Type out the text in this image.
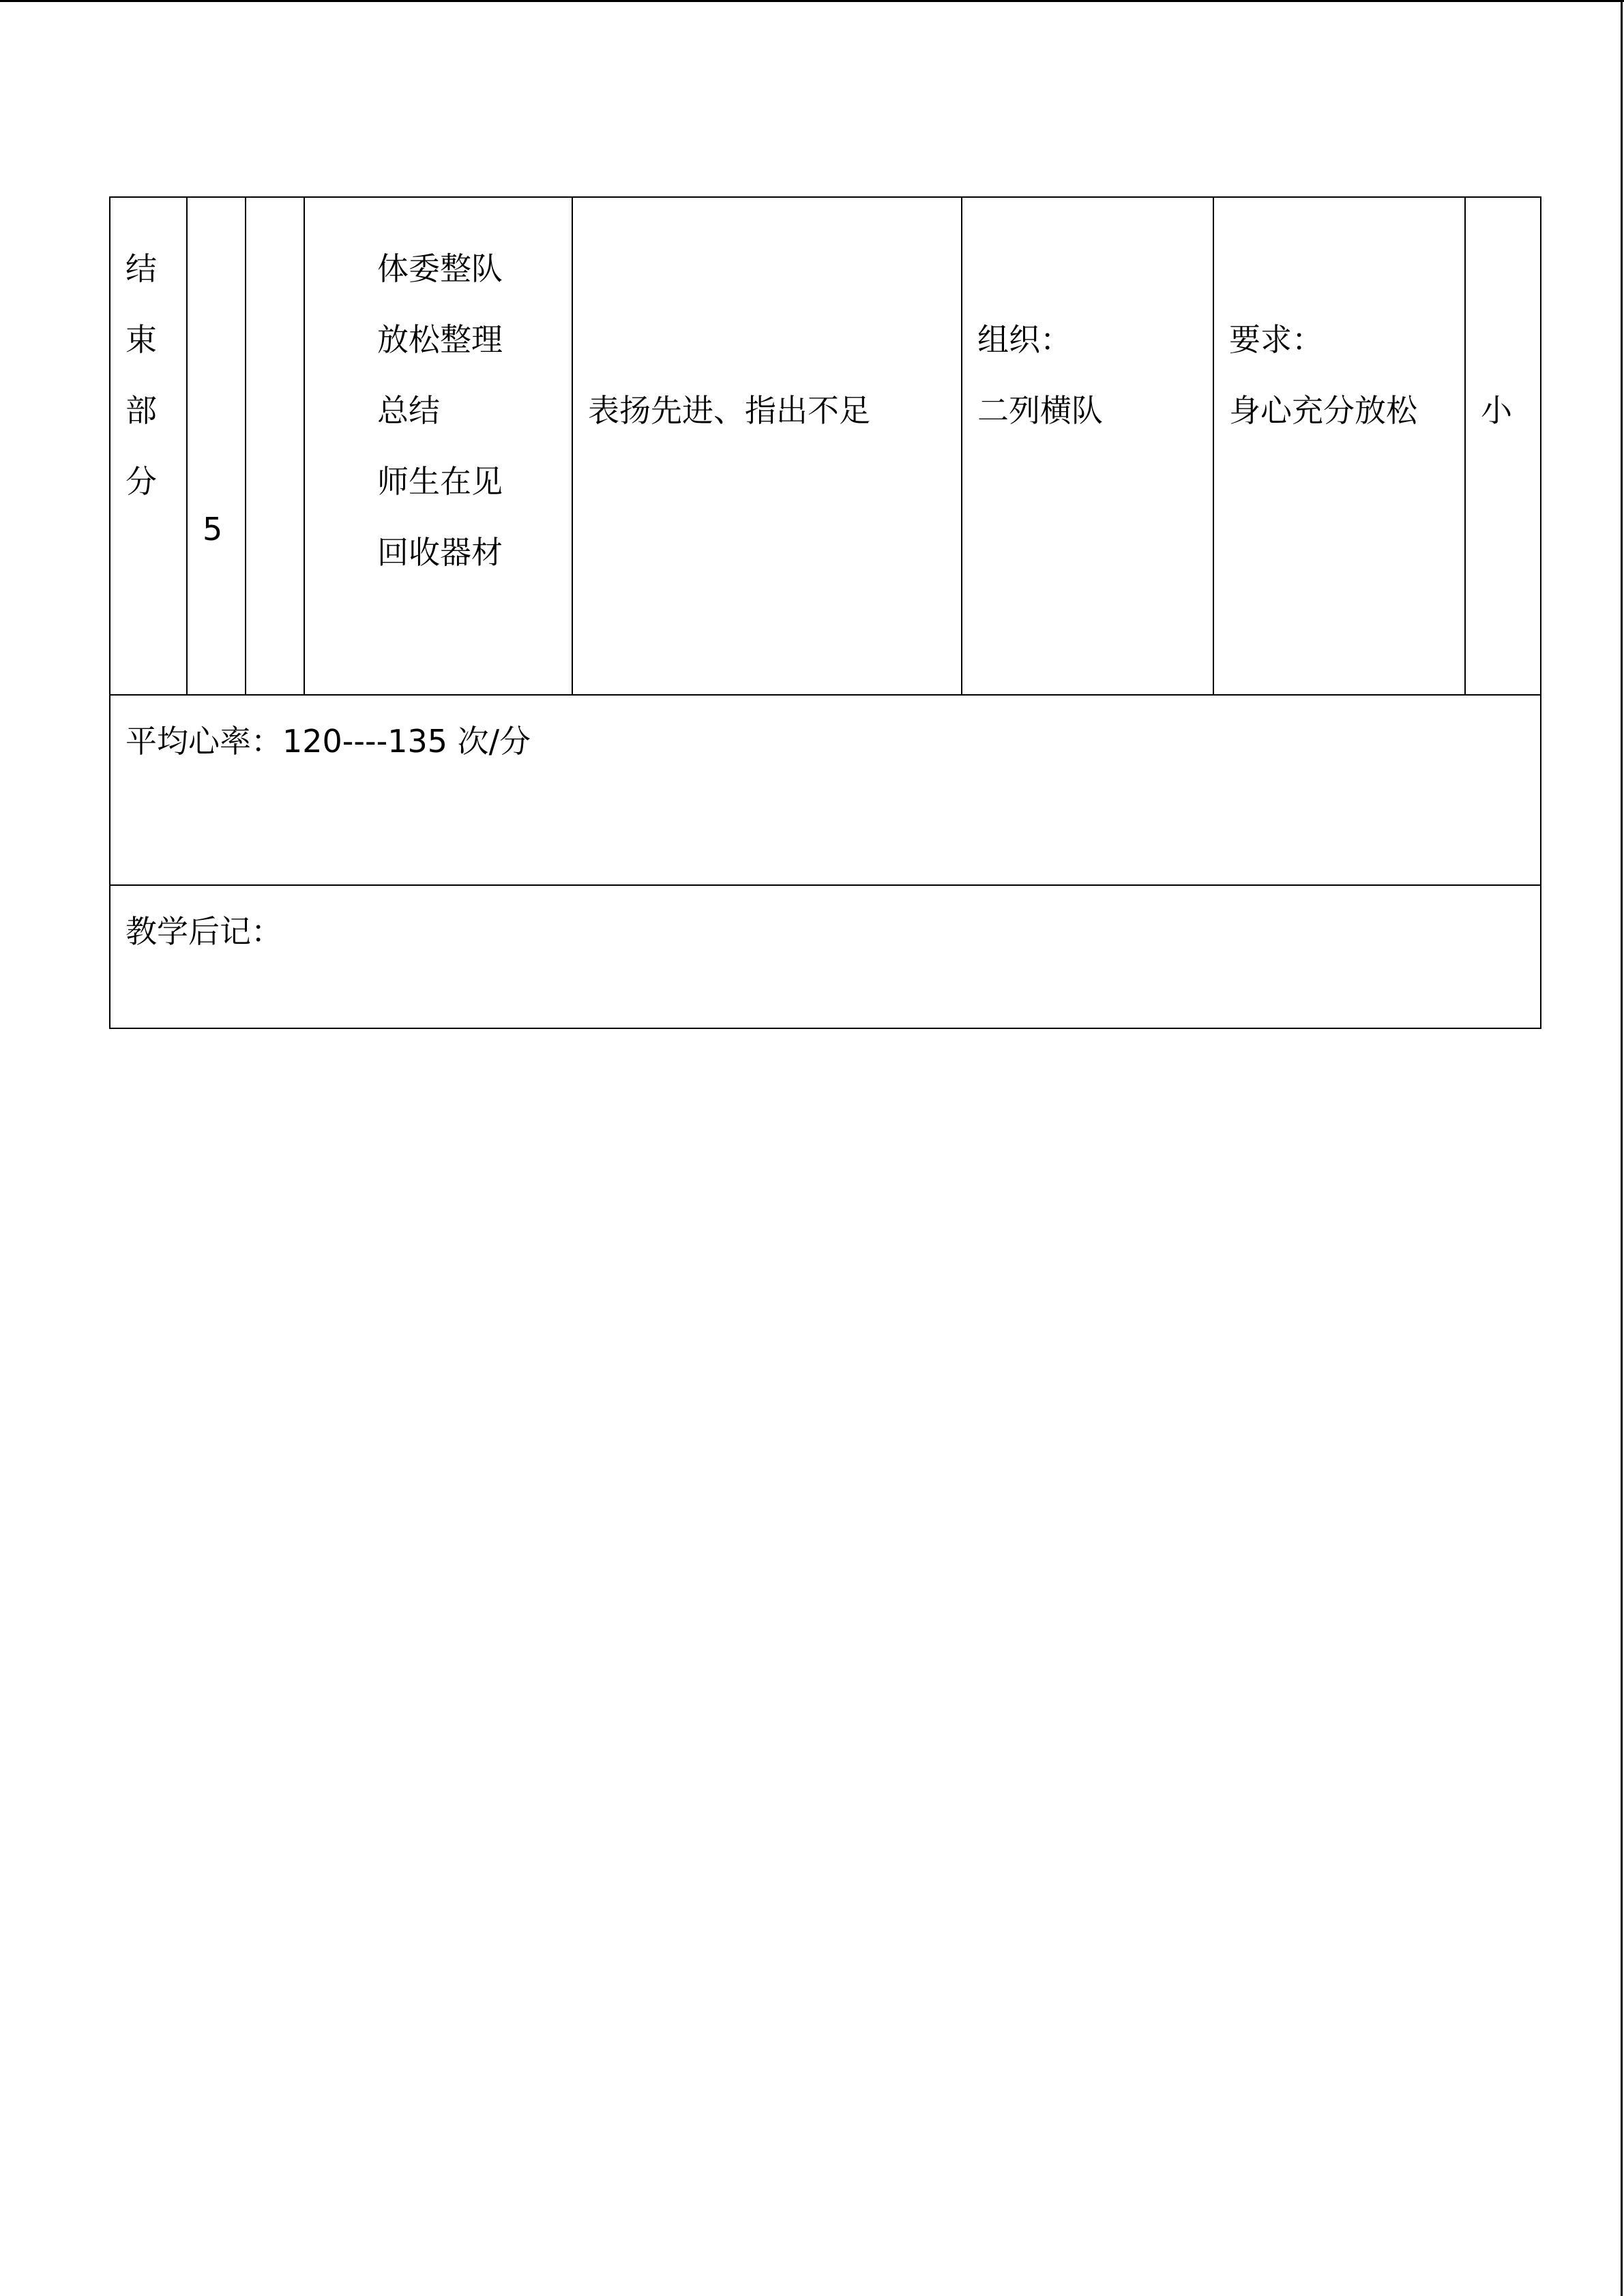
结
束
部
分
5
体委整队
放松整理
总结
师生在见
回收器材
表扬先进、指出不足
组织：
二列横队
要求：
身心充分放松	小
平均心率：120----135 次/分
教学后记：
